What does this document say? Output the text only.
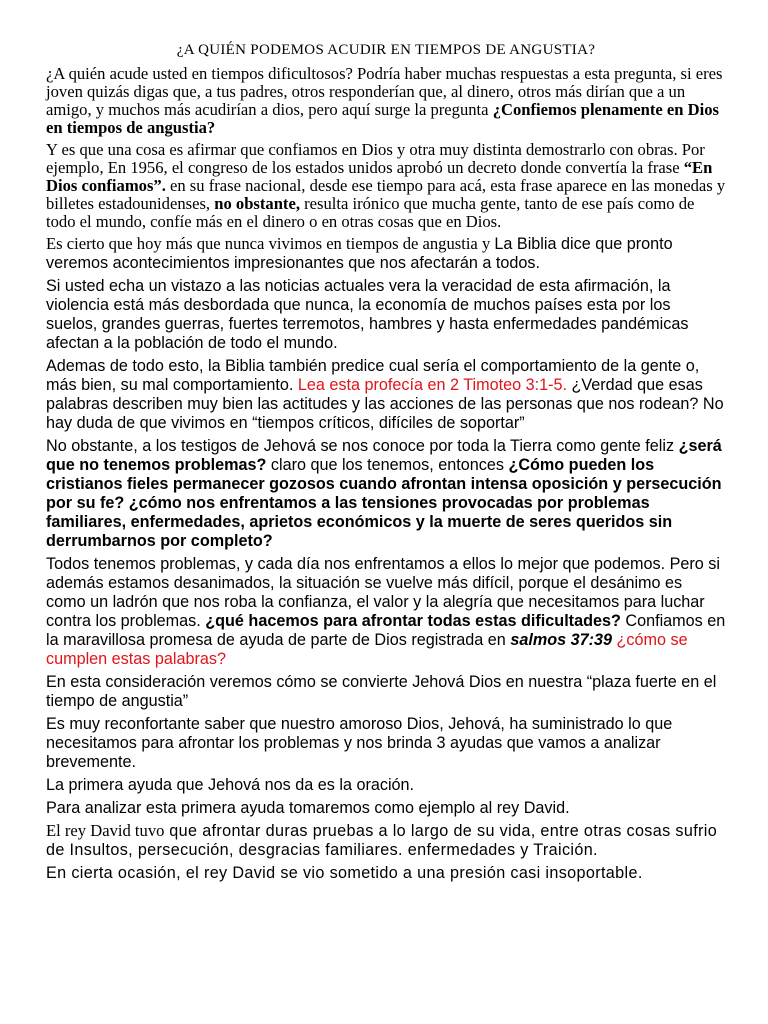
¿A QUIÉN PODEMOS ACUDIR EN TIEMPOS DE ANGUSTIA?

¿A quién acude usted en tiempos dificultosos? Podría haber muchas respuestas a esta pregunta, si eres joven quizás digas que, a tus padres, otros responderían que, al dinero, otros más dirían que a un amigo, y muchos más acudirían a dios, pero aquí surge la pregunta ¿Confiemos plenamente en Dios en tiempos de angustia?

Y es que una cosa es afirmar que confiamos en Dios y otra muy distinta demostrarlo con obras. Por ejemplo, En 1956, el congreso de los estados unidos aprobó un decreto donde convertía la frase “En Dios confiamos”. en su frase nacional, desde ese tiempo para acá, esta frase aparece en las monedas y billetes estadounidenses, no obstante, resulta irónico que mucha gente, tanto de ese país como de todo el mundo, confíe más en el dinero o en otras cosas que en Dios.

Es cierto que hoy más que nunca vivimos en tiempos de angustia y La Biblia dice que pronto veremos acontecimientos impresionantes que nos afectarán a todos.

Si usted echa un vistazo a las noticias actuales vera la veracidad de esta afirmación, la violencia está más desbordada que nunca, la economía de muchos países esta por los suelos, grandes guerras, fuertes terremotos, hambres y hasta enfermedades pandémicas afectan a la población de todo el mundo.

Ademas de todo esto, la Biblia también predice cual sería el comportamiento de la gente o, más bien, su mal comportamiento. Lea esta profecía en 2 Timoteo 3:1-5. ¿Verdad que esas palabras describen muy bien las actitudes y las acciones de las personas que nos rodean? No hay duda de que vivimos en “tiempos críticos, difíciles de soportar”

No obstante, a los testigos de Jehová se nos conoce por toda la Tierra como gente feliz ¿será que no tenemos problemas? claro que los tenemos, entonces ¿Cómo pueden los cristianos fieles permanecer gozosos cuando afrontan intensa oposición y persecución por su fe? ¿cómo nos enfrentamos a las tensiones provocadas por problemas familiares, enfermedades, aprietos económicos y la muerte de seres queridos sin derrumbarnos por completo?

Todos tenemos problemas, y cada día nos enfrentamos a ellos lo mejor que podemos. Pero si además estamos desanimados, la situación se vuelve más difícil, porque el desánimo es como un ladrón que nos roba la confianza, el valor y la alegría que necesitamos para luchar contra los problemas. ¿qué hacemos para afrontar todas estas dificultades? Confiamos en la maravillosa promesa de ayuda de parte de Dios registrada en salmos 37:39 ¿cómo se cumplen estas palabras?

En esta consideración veremos cómo se convierte Jehová Dios en nuestra “plaza fuerte en el tiempo de angustia”

Es muy reconfortante saber que nuestro amoroso Dios, Jehová, ha suministrado lo que necesitamos para afrontar los problemas y nos brinda 3 ayudas que vamos a analizar brevemente.

La primera ayuda que Jehová nos da es la oración.

Para analizar esta primera ayuda tomaremos como ejemplo al rey David.

El rey David tuvo que afrontar duras pruebas a lo largo de su vida, entre otras cosas sufrio de Insultos, persecución, desgracias familiares. enfermedades y Traición.

En cierta ocasión, el rey David se vio sometido a una presión casi insoportable.
